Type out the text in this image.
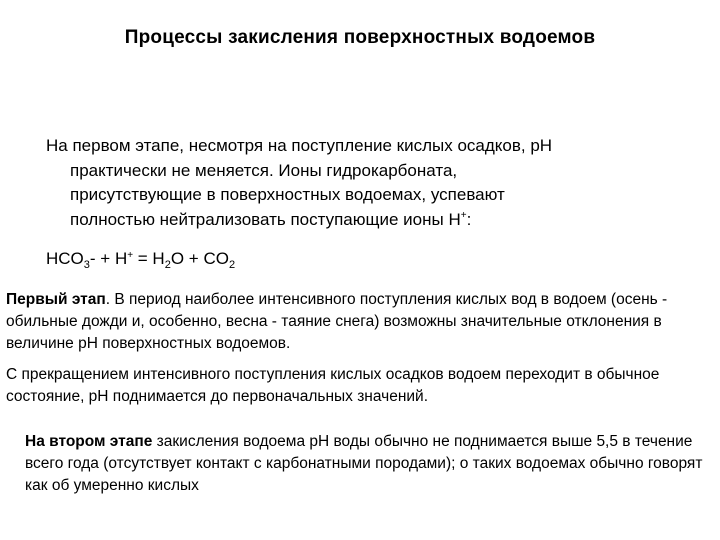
Процессы закисления поверхностных водоемов
На первом этапе, несмотря на поступление кислых осадков, pH
практически не меняется. Ионы гидрокарбоната,
присутствующие в поверхностных водоемах, успевают
полностью нейтрализовать поступающие ионы H+:
$HCO_3- + H^+ = H_2O + CO_2$
Первый этап. В период наиболее интенсивного поступления кислых вод в водоем (осень - обильные дожди и, особенно, весна - таяние снега) возможны значительные отклонения в величине pH поверхностных водоемов.
С прекращением интенсивного поступления кислых осадков водоем переходит в обычное состояние, pH поднимается до первоначальных значений.
На втором этапе закисления водоема pH воды обычно не поднимается выше 5,5 в течение всего года (отсутствует контакт с карбонатными породами); о таких водоемах обычно говорят как об умеренно кислых
